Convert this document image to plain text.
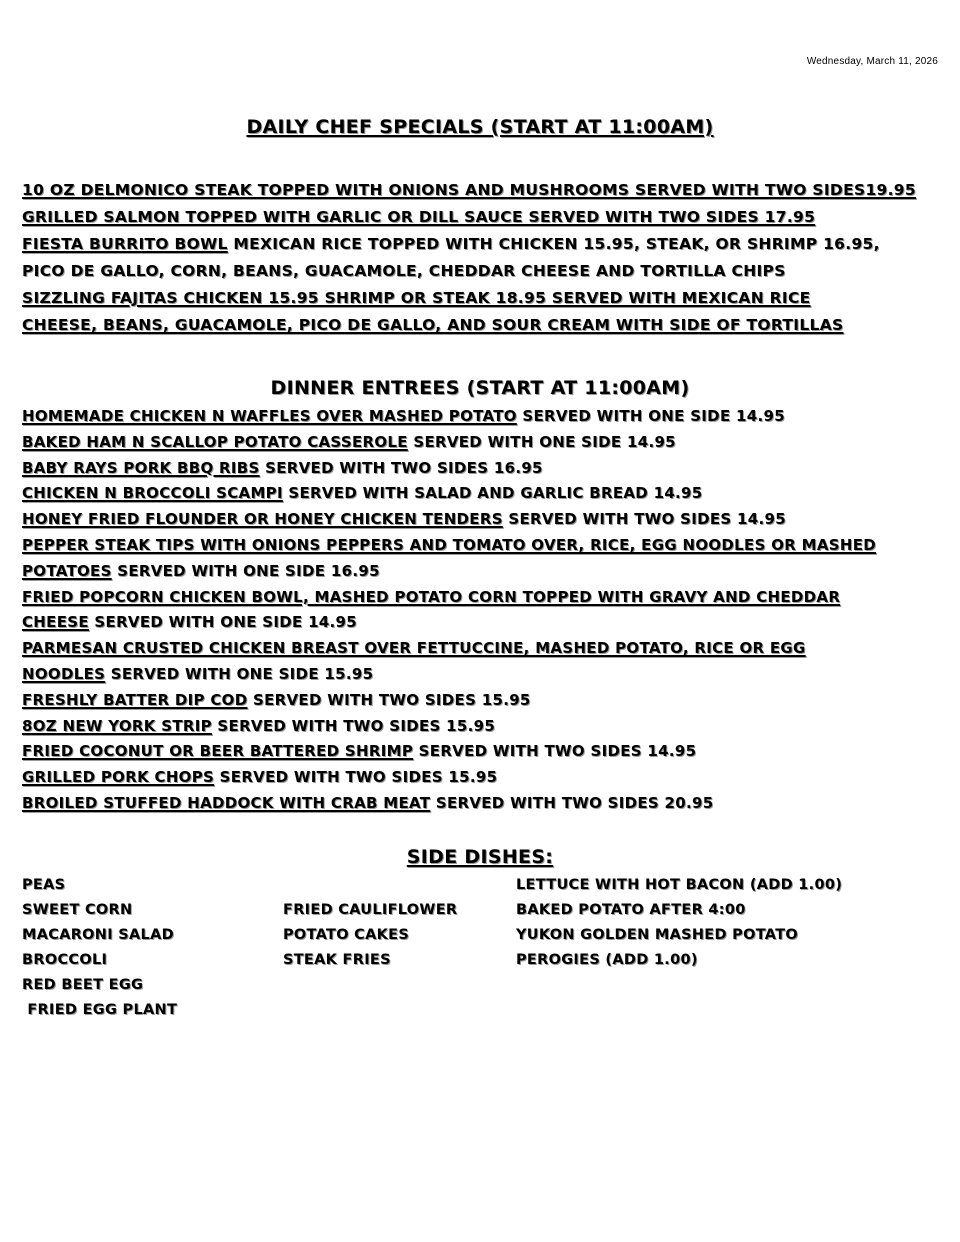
Wednesday, March 11, 2026
DAILY CHEF SPECIALS (START AT 11:00AM)
10 OZ DELMONICO STEAK TOPPED WITH ONIONS AND MUSHROOMS SERVED WITH TWO SIDES19.95
GRILLED SALMON TOPPED WITH GARLIC OR DILL SAUCE SERVED WITH TWO SIDES 17.95
FIESTA BURRITO BOWL MEXICAN RICE TOPPED WITH CHICKEN 15.95, STEAK, OR SHRIMP 16.95,
PICO DE GALLO, CORN, BEANS, GUACAMOLE, CHEDDAR CHEESE AND TORTILLA CHIPS
SIZZLING FAJITAS CHICKEN 15.95 SHRIMP OR STEAK 18.95 SERVED WITH MEXICAN RICE
CHEESE, BEANS, GUACAMOLE, PICO DE GALLO, AND SOUR CREAM WITH SIDE OF TORTILLAS
DINNER ENTREES (START AT 11:00AM)
HOMEMADE CHICKEN N WAFFLES OVER MASHED POTATO SERVED WITH ONE SIDE 14.95
BAKED HAM N SCALLOP POTATO CASSEROLE SERVED WITH ONE SIDE 14.95
BABY RAYS PORK BBQ RIBS SERVED WITH TWO SIDES 16.95
CHICKEN N BROCCOLI SCAMPI SERVED WITH SALAD AND GARLIC BREAD 14.95
HONEY FRIED FLOUNDER OR HONEY CHICKEN TENDERS SERVED WITH TWO SIDES 14.95
PEPPER STEAK TIPS WITH ONIONS PEPPERS AND TOMATO OVER, RICE, EGG NOODLES OR MASHED
POTATOES SERVED WITH ONE SIDE 16.95
FRIED POPCORN CHICKEN BOWL, MASHED POTATO CORN TOPPED WITH GRAVY AND CHEDDAR
CHEESE SERVED WITH ONE SIDE 14.95
PARMESAN CRUSTED CHICKEN BREAST OVER FETTUCCINE, MASHED POTATO, RICE OR EGG
NOODLES SERVED WITH ONE SIDE 15.95
FRESHLY BATTER DIP COD SERVED WITH TWO SIDES 15.95
8OZ NEW YORK STRIP SERVED WITH TWO SIDES 15.95
FRIED COCONUT OR BEER BATTERED SHRIMP SERVED WITH TWO SIDES 14.95
GRILLED PORK CHOPS SERVED WITH TWO SIDES 15.95
BROILED STUFFED HADDOCK WITH CRAB MEAT SERVED WITH TWO SIDES 20.95
SIDE DISHES:
PEAS
SWEET CORN
MACARONI SALAD
BROCCOLI
RED BEET EGG
FRIED EGG PLANT
FRIED CAULIFLOWER
POTATO CAKES
STEAK FRIES
LETTUCE WITH HOT BACON (ADD 1.00)
BAKED POTATO AFTER 4:00
YUKON GOLDEN MASHED POTATO
PEROGIES (ADD 1.00)
